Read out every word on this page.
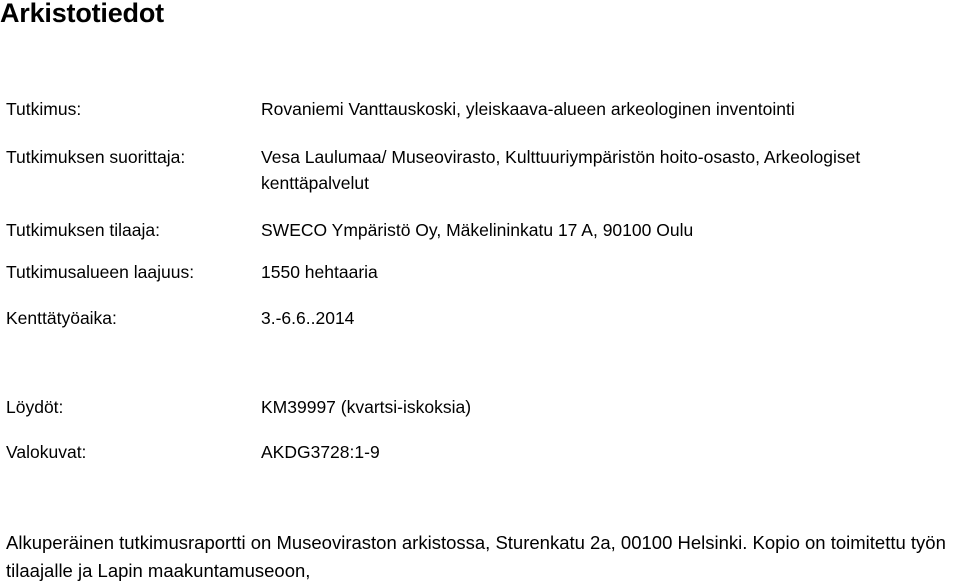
Arkistotiedot
Tutkimus:	Rovaniemi Vanttauskoski, yleiskaava-alueen arkeologinen inventointi
Tutkimuksen suorittaja:	Vesa Laulumaa/ Museovirasto, Kulttuuriympäristön hoito-osasto, Arkeologiset kenttäpalvelut
Tutkimuksen tilaaja:	SWECO Ympäristö Oy, Mäkelininkatu 17 A, 90100 Oulu
Tutkimusalueen laajuus:	1550 hehtaaria
Kenttätyöaika:	3.-6.6..2014
Löydöt:	KM39997 (kvartsi-iskoksia)
Valokuvat:	AKDG3728:1-9

Alkuperäinen tutkimusraportti on Museoviraston arkistossa, Sturenkatu 2a, 00100 Helsinki. Kopio on toimitettu työn tilaajalle ja Lapin maakuntamuseoon,
